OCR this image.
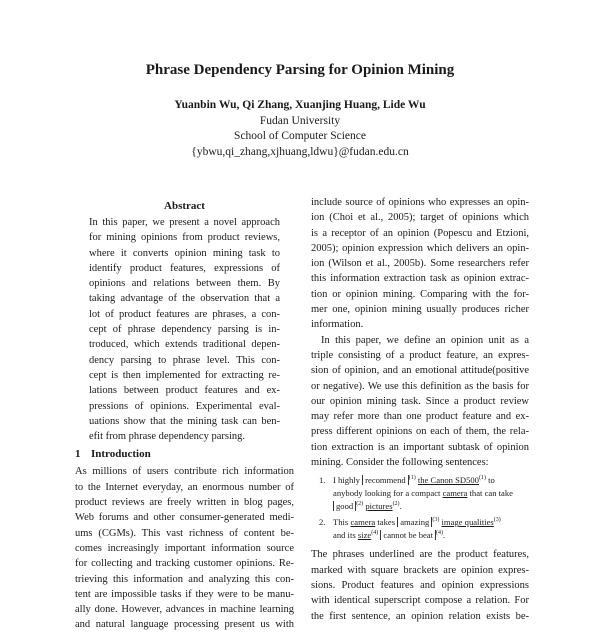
Phrase Dependency Parsing for Opinion Mining
Yuanbin Wu, Qi Zhang, Xuanjing Huang, Lide Wu
Fudan University
School of Computer Science
{ybwu,qi_zhang,xjhuang,ldwu}@fudan.edu.cn
Abstract
In this paper, we present a novel approach
for mining opinions from product reviews,
where it converts opinion mining task to
identify product features, expressions of
opinions and relations between them. By
taking advantage of the observation that a
lot of product features are phrases, a con-
cept of phrase dependency parsing is in-
troduced, which extends traditional depen-
dency parsing to phrase level. This con-
cept is then implemented for extracting re-
lations between product features and ex-
pressions of opinions. Experimental eval-
uations show that the mining task can ben-
efit from phrase dependency parsing.
1 Introduction
As millions of users contribute rich information
to the Internet everyday, an enormous number of
product reviews are freely written in blog pages,
Web forums and other consumer-generated medi-
ums (CGMs). This vast richness of content be-
comes increasingly important information source
for collecting and tracking customer opinions. Re-
trieving this information and analyzing this con-
tent are impossible tasks if they were to be manu-
ally done. However, advances in machine learning
and natural language processing present us with
include source of opinions who expresses an opin-
ion (Choi et al., 2005); target of opinions which
is a receptor of an opinion (Popescu and Etzioni,
2005); opinion expression which delivers an opin-
ion (Wilson et al., 2005b). Some researchers refer
this information extraction task as opinion extrac-
tion or opinion mining. Comparing with the for-
mer one, opinion mining usually produces richer
information.
In this paper, we define an opinion unit as a
triple consisting of a product feature, an expres-
sion of opinion, and an emotional attitude(positive
or negative). We use this definition as the basis for
our opinion mining task. Since a product review
may refer more than one product feature and ex-
press different opinions on each of them, the rela-
tion extraction is an important subtask of opinion
mining. Consider the following sentences:
1. I highly recommend $^{(1)}$ the Canon SD500$^{(1)}$ to
anybody looking for a compact camera that can take
good $^{(2)}$ pictures$^{(2)}$.
2. This camera takes amazing $^{(3)}$ image qualities$^{(3)}$
and its size$^{(4)}$ cannot be beat $^{(4)}$.
The phrases underlined are the product features,
marked with square brackets are opinion expres-
sions. Product features and opinion expressions
with identical superscript compose a relation. For
the first sentence, an opinion relation exists be-
